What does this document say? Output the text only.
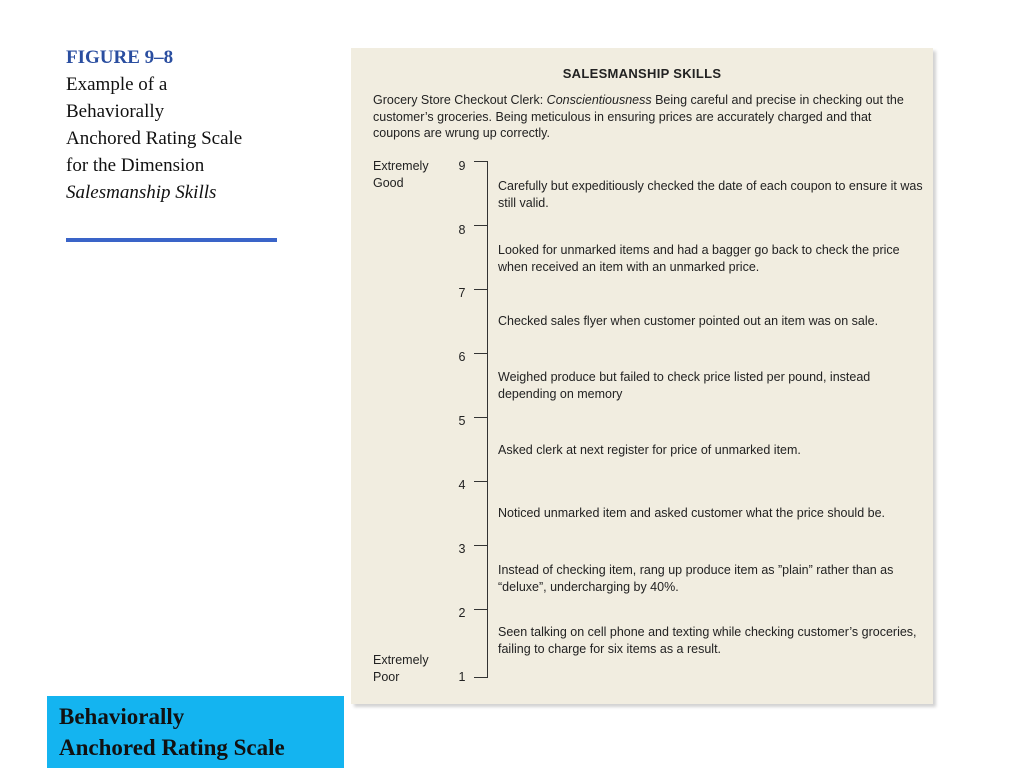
FIGURE 9–8
Example of a
Behaviorally
Anchored Rating Scale
for the Dimension
Salesmanship Skills
SALESMANSHIP SKILLS
Grocery Store Checkout Clerk: Conscientiousness Being careful and precise in checking out the customer’s groceries. Being meticulous in ensuring prices are accurately charged and that coupons are wrung up correctly.
Extremely
Good
Extremely
Poor
9
8
7
6
5
4
3
2
1
Carefully but expeditiously checked the date of each coupon to ensure it was still valid.
Looked for unmarked items and had a bagger go back to check the price when received an item with an unmarked price.
Checked sales flyer when customer pointed out an item was on sale.
Weighed produce but failed to check price listed per pound, instead depending on memory
Asked clerk at next register for price of unmarked item.
Noticed unmarked item and asked customer what the price should be.
Instead of checking item, rang up produce item as ”plain” rather than as “deluxe”, undercharging by 40%.
Seen talking on cell phone and texting while checking customer’s groceries, failing to charge for six items as a result.
Behaviorally
Anchored Rating Scale
